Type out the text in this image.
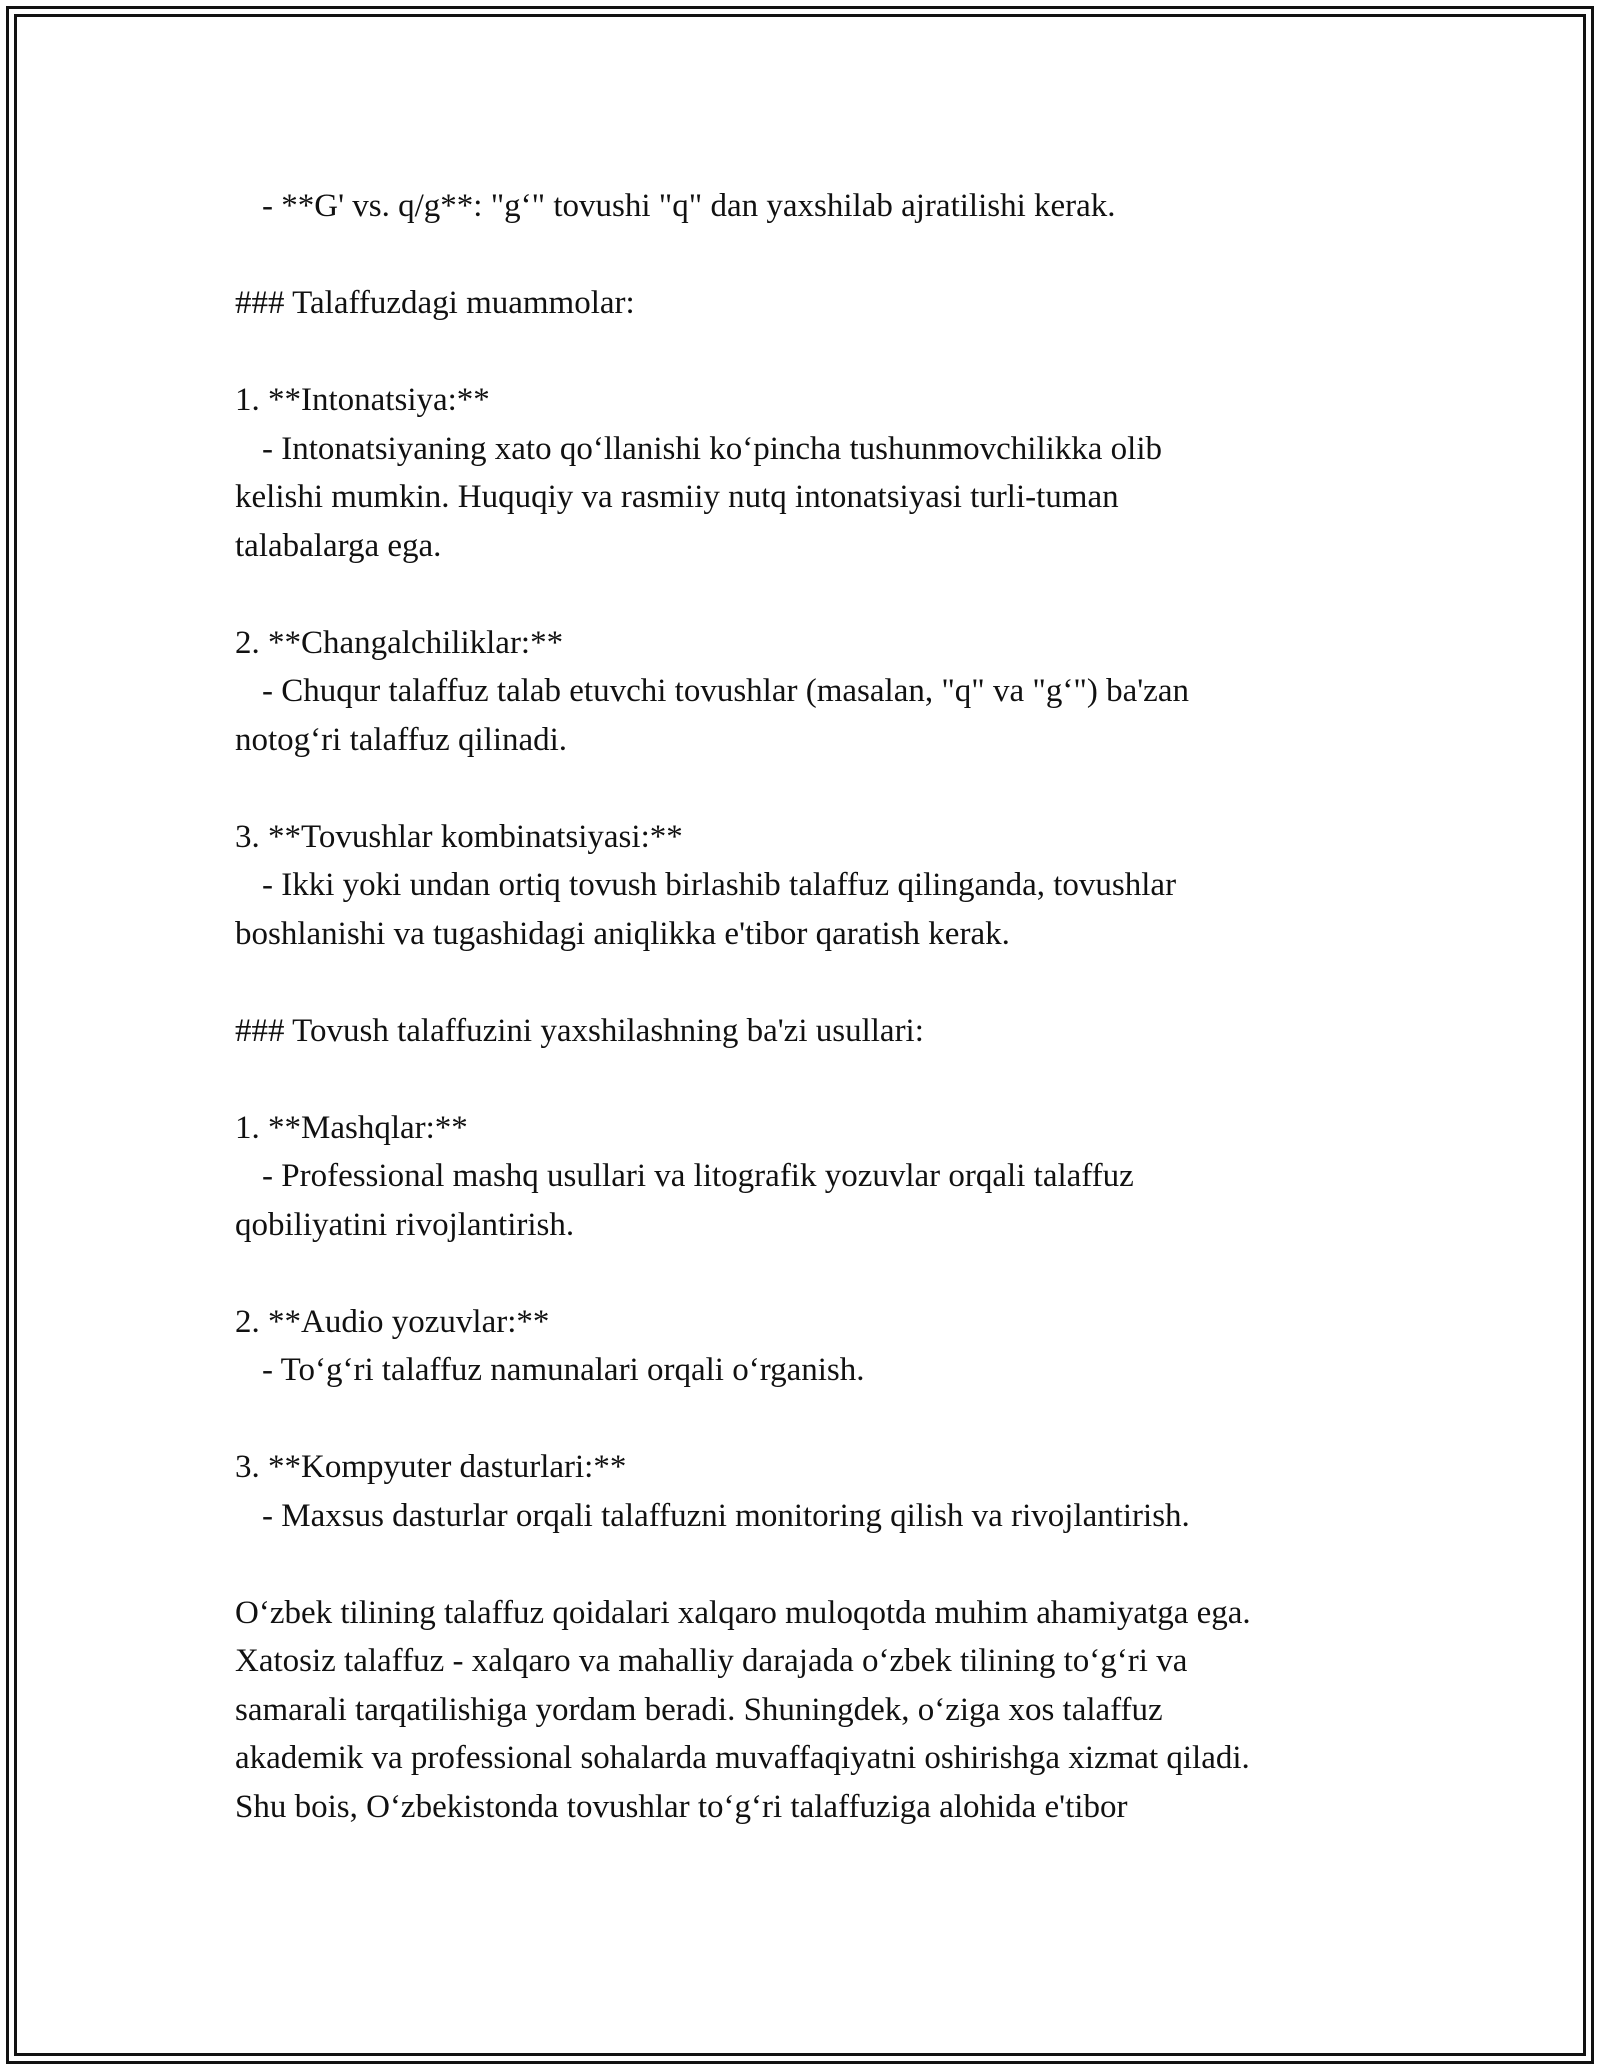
- **G' vs. q/g**: "g‘" tovushi "q" dan yaxshilab ajratilishi kerak.
### Talaffuzdagi muammolar:
1. **Intonatsiya:**
- Intonatsiyaning xato qo‘llanishi ko‘pincha tushunmovchilikka olib
kelishi mumkin. Huquqiy va rasmiiy nutq intonatsiyasi turli-tuman
talabalarga ega.
2. **Changalchiliklar:**
- Chuqur talaffuz talab etuvchi tovushlar (masalan, "q" va "g‘") ba'zan
notog‘ri talaffuz qilinadi.
3. **Tovushlar kombinatsiyasi:**
- Ikki yoki undan ortiq tovush birlashib talaffuz qilinganda, tovushlar
boshlanishi va tugashidagi aniqlikka e'tibor qaratish kerak.
### Tovush talaffuzini yaxshilashning ba'zi usullari:
1. **Mashqlar:**
- Professional mashq usullari va litografik yozuvlar orqali talaffuz
qobiliyatini rivojlantirish.
2. **Audio yozuvlar:**
- To‘g‘ri talaffuz namunalari orqali o‘rganish.
3. **Kompyuter dasturlari:**
- Maxsus dasturlar orqali talaffuzni monitoring qilish va rivojlantirish.
O‘zbek tilining talaffuz qoidalari xalqaro muloqotda muhim ahamiyatga ega.
Xatosiz talaffuz - xalqaro va mahalliy darajada o‘zbek tilining to‘g‘ri va
samarali tarqatilishiga yordam beradi. Shuningdek, o‘ziga xos talaffuz
akademik va professional sohalarda muvaffaqiyatni oshirishga xizmat qiladi.
Shu bois, O‘zbekistonda tovushlar to‘g‘ri talaffuziga alohida e'tibor
